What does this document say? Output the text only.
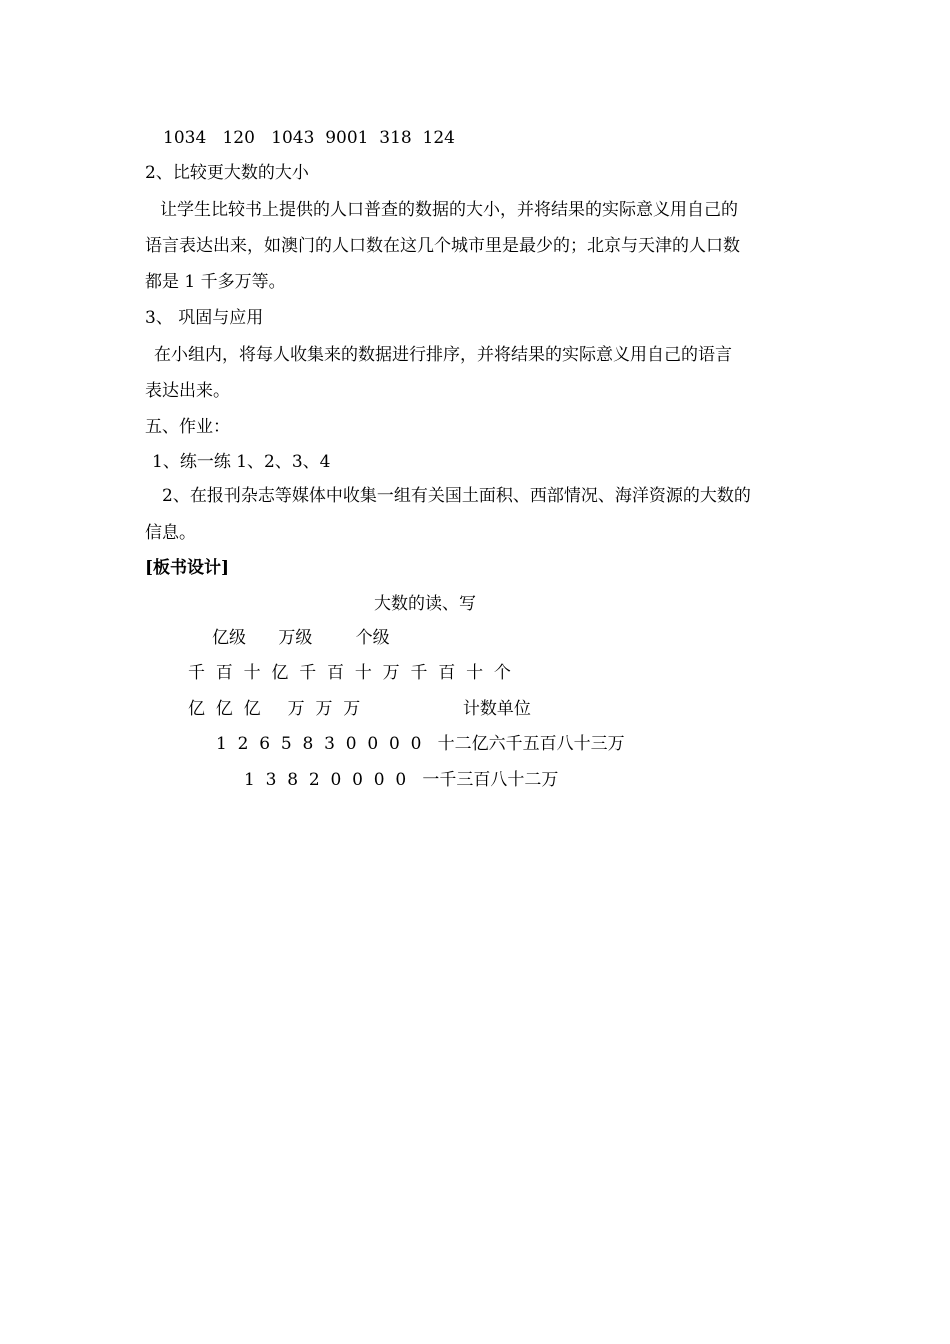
1034   120   1043  9001  318  124
2、比较更大数的大小
让学生比较书上提供的人口普查的数据的大小，并将结果的实际意义用自己的
语言表达出来，如澳门的人口数在这几个城市里是最少的；北京与天津的人口数
都是 1 千多万等。
3、 巩固与应用
在小组内，将每人收集来的数据进行排序，并将结果的实际意义用自己的语言
表达出来。
五、作业：
1、练一练 1、2、3、4
2、在报刊杂志等媒体中收集一组有关国土面积、西部情况、海洋资源的大数的
信息。
[板书设计]
大数的读、写
亿级      万级        个级
千  百  十  亿  千  百  十  万  千  百  十  个
亿  亿  亿     万  万  万                   计数单位
1  2  6  5  8  3  0  0  0  0   十二亿六千五百八十三万
1  3  8  2  0  0  0  0   一千三百八十二万
